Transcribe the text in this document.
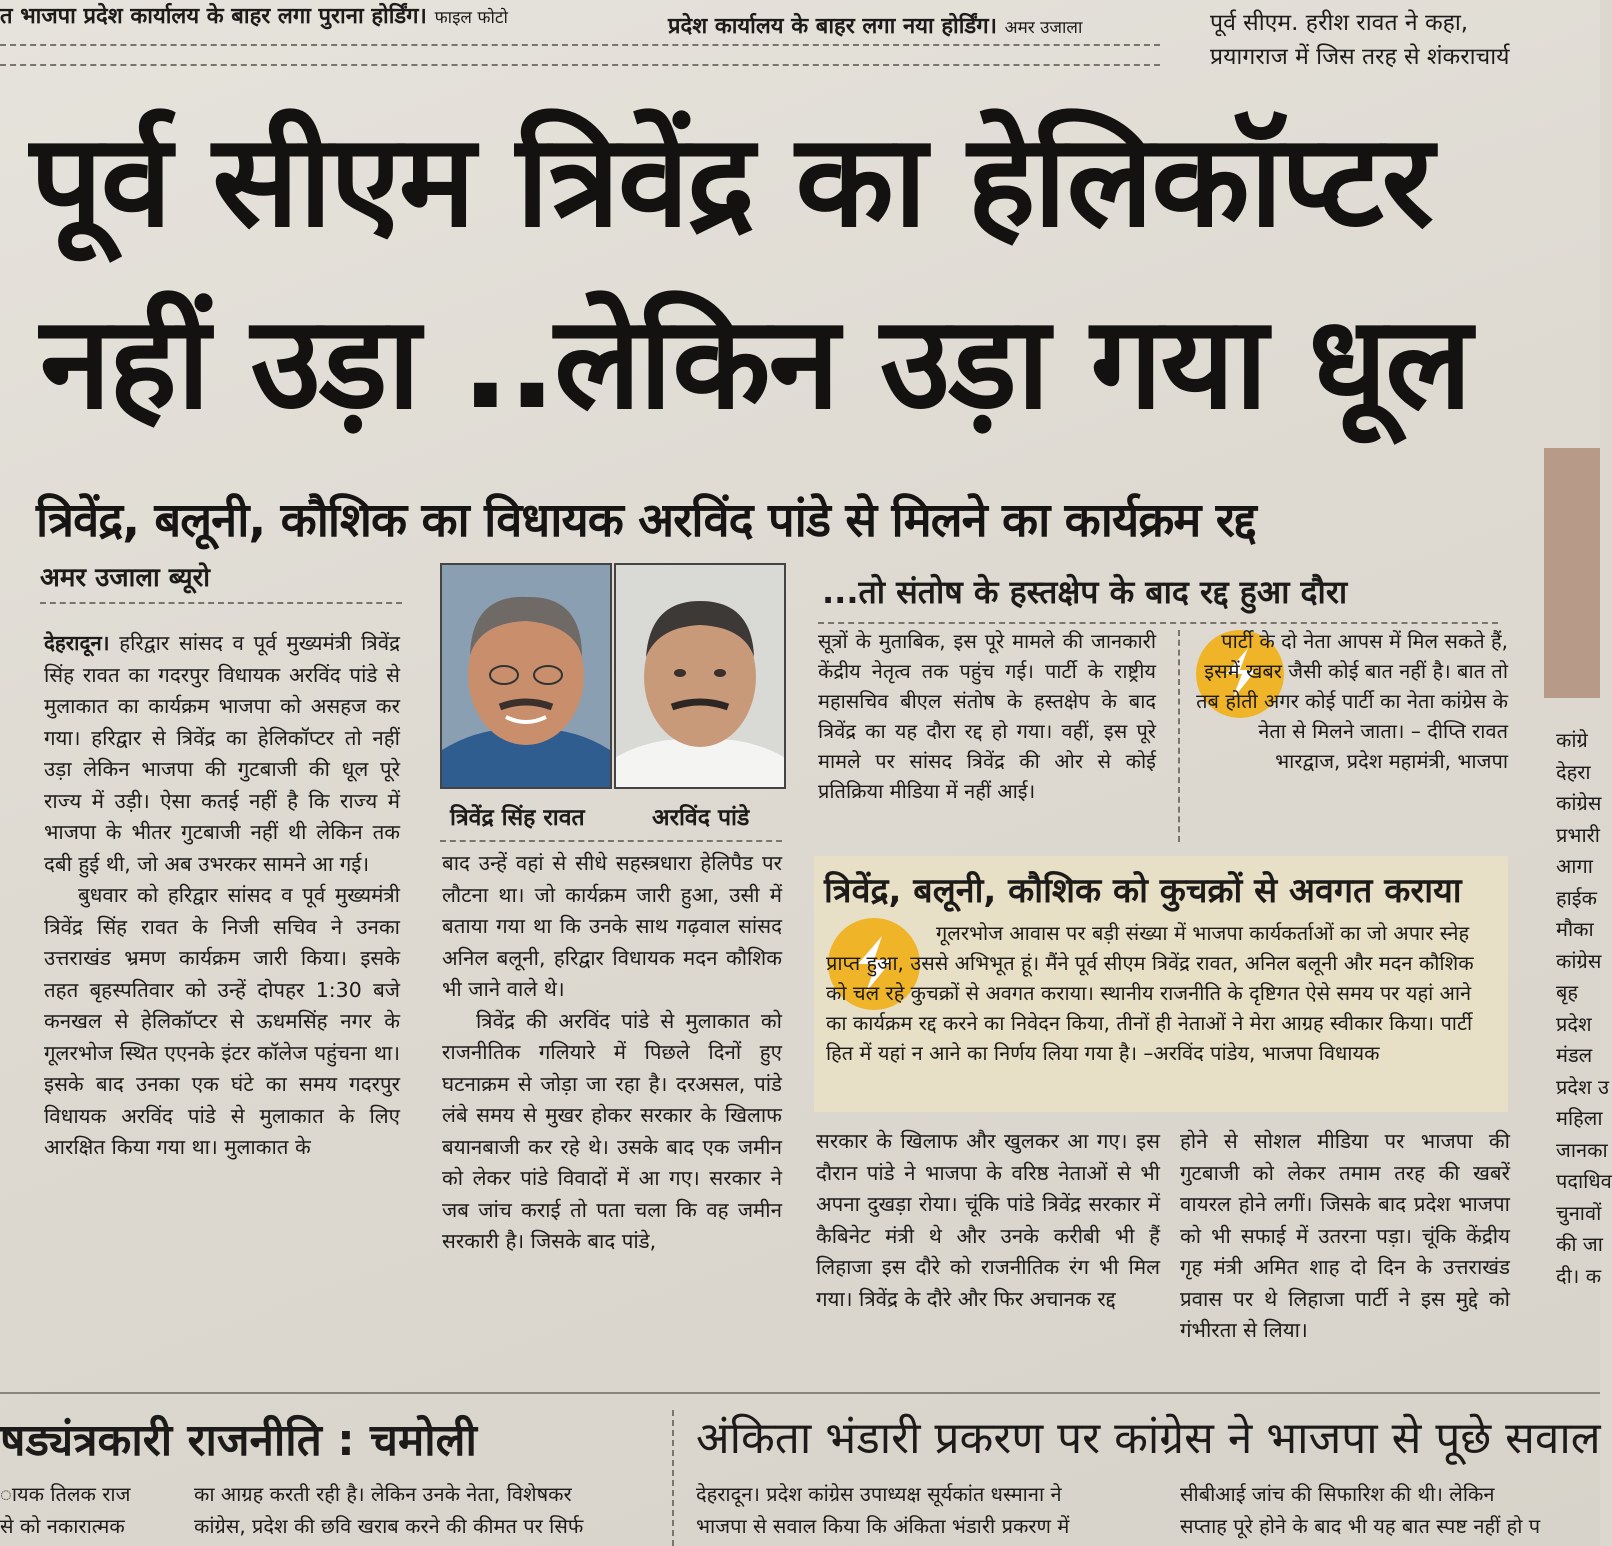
त भाजपा प्रदेश कार्यालय के बाहर लगा पुराना होर्डिंग। फाइल फोटो	प्रदेश कार्यालय के बाहर लगा नया होर्डिंग। अमर उजाला	पूर्व सीएम. हरीश रावत ने कहा,
प्रयागराज में जिस तरह से शंकराचार्य
पूर्व सीएम त्रिवेंद्र का हेलिकॉप्टर
नहीं उड़ा ..लेकिन उड़ा गया धूल
त्रिवेंद्र, बलूनी, कौशिक का विधायक अरविंद पांडे से मिलने का कार्यक्रम रद्द
अमर उजाला ब्यूरो

देहरादून। हरिद्वार सांसद व पूर्व मुख्यमंत्री त्रिवेंद्र सिंह रावत का गदरपुर विधायक अरविंद पांडे से मुलाकात का कार्यक्रम भाजपा को असहज कर गया। हरिद्वार से त्रिवेंद्र का हेलिकॉप्टर तो नहीं उड़ा लेकिन भाजपा की गुटबाजी की धूल पूरे राज्य में उड़ी। ऐसा कतई नहीं है कि राज्य में भाजपा के भीतर गुटबाजी नहीं थी लेकिन तक दबी हुई थी, जो अब उभरकर सामने आ गई।

बुधवार को हरिद्वार सांसद व पूर्व मुख्यमंत्री त्रिवेंद्र सिंह रावत के निजी सचिव ने उनका उत्तराखंड भ्रमण कार्यक्रम जारी किया। इसके तहत बृहस्पतिवार को उन्हें दोपहर 1:30 बजे कनखल से हेलिकॉप्टर से ऊधमसिंह नगर के गूलरभोज स्थित एएनके इंटर कॉलेज पहुंचना था। इसके बाद उनका एक घंटे का समय गदरपुर विधायक अरविंद पांडे से मुलाकात के लिए आरक्षित किया गया था। मुलाकात के

त्रिवेंद्र सिंह रावत	अरविंद पांडे

बाद उन्हें वहां से सीधे सहस्त्रधारा हेलिपैड पर लौटना था। जो कार्यक्रम जारी हुआ, उसी में बताया गया था कि उनके साथ गढ़वाल सांसद अनिल बलूनी, हरिद्वार विधायक मदन कौशिक भी जाने वाले थे।

त्रिवेंद्र की अरविंद पांडे से मुलाकात को राजनीतिक गलियारे में पिछले दिनों हुए घटनाक्रम से जोड़ा जा रहा है। दरअसल, पांडे लंबे समय से मुखर होकर सरकार के खिलाफ बयानबाजी कर रहे थे। उसके बाद एक जमीन को लेकर पांडे विवादों में आ गए। सरकार ने जब जांच कराई तो पता चला कि वह जमीन सरकारी है। जिसके बाद पांडे,

...तो संतोष के हस्तक्षेप के बाद रद्द हुआ दौरा
सूत्रों के मुताबिक, इस पूरे मामले की जानकारी केंद्रीय नेतृत्व तक पहुंच गई। पार्टी के राष्ट्रीय महासचिव बीएल संतोष के हस्तक्षेप के बाद त्रिवेंद्र का यह दौरा रद्द हो गया। वहीं, इस पूरे मामले पर सांसद त्रिवेंद्र की ओर से कोई प्रतिक्रिया मीडिया में नहीं आई।
पार्टी के दो नेता आपस में मिल सकते हैं, इसमें खबर जैसी कोई बात नहीं है। बात तो तब होती अगर कोई पार्टी का नेता कांग्रेस के नेता से मिलने जाता। – दीप्ति रावत भारद्वाज, प्रदेश महामंत्री, भाजपा
त्रिवेंद्र, बलूनी, कौशिक को कुचक्रों से अवगत कराया
गूलरभोज आवास पर बड़ी संख्या में भाजपा कार्यकर्ताओं का जो अपार स्नेह प्राप्त हुआ, उससे अभिभूत हूं। मैंने पूर्व सीएम त्रिवेंद्र रावत, अनिल बलूनी और मदन कौशिक को चल रहे कुचक्रों से अवगत कराया। स्थानीय राजनीति के दृष्टिगत ऐसे समय पर यहां आने का कार्यक्रम रद्द करने का निवेदन किया, तीनों ही नेताओं ने मेरा आग्रह स्वीकार किया। पार्टी हित में यहां न आने का निर्णय लिया गया है। –अरविंद पांडेय, भाजपा विधायक
सरकार के खिलाफ और खुलकर आ गए। इस दौरान पांडे ने भाजपा के वरिष्ठ नेताओं से भी अपना दुखड़ा रोया। चूंकि पांडे त्रिवेंद्र सरकार में कैबिनेट मंत्री थे और उनके करीबी भी हैं लिहाजा इस दौरे को राजनीतिक रंग भी मिल गया। त्रिवेंद्र के दौरे और फिर अचानक रद्द
होने से सोशल मीडिया पर भाजपा की गुटबाजी को लेकर तमाम तरह की खबरें वायरल होने लगीं। जिसके बाद प्रदेश भाजपा को भी सफाई में उतरना पड़ा। चूंकि केंद्रीय गृह मंत्री अमित शाह दो दिन के उत्तराखंड प्रवास पर थे लिहाजा पार्टी ने इस मुद्दे को गंभीरता से लिया।
कांग्रे
देहरा
कांग्रेस
प्रभारी
आगा
हाईक
मौका
कांग्रेस
बृह
प्रदेश
मंडल
प्रदेश उ
महिला
जानका
पदाधिव
चुनावों
की जा
दी। क
षड्यंत्रकारी राजनीति : चमोली	अंकिता भंडारी प्रकरण पर कांग्रेस ने भाजपा से पूछे सवाल
ायक तिलक राज
से को नकारात्मक
का आग्रह करती रही है। लेकिन उनके नेता, विशेषकर
कांग्रेस, प्रदेश की छवि खराब करने की कीमत पर सिर्फ
देहरादून। प्रदेश कांग्रेस उपाध्यक्ष सूर्यकांत धस्माना ने
भाजपा से सवाल किया कि अंकिता भंडारी प्रकरण में
सीबीआई जांच की सिफारिश की थी। लेकिन
सप्ताह पूरे होने के बाद भी यह बात स्पष्ट नहीं हो प
